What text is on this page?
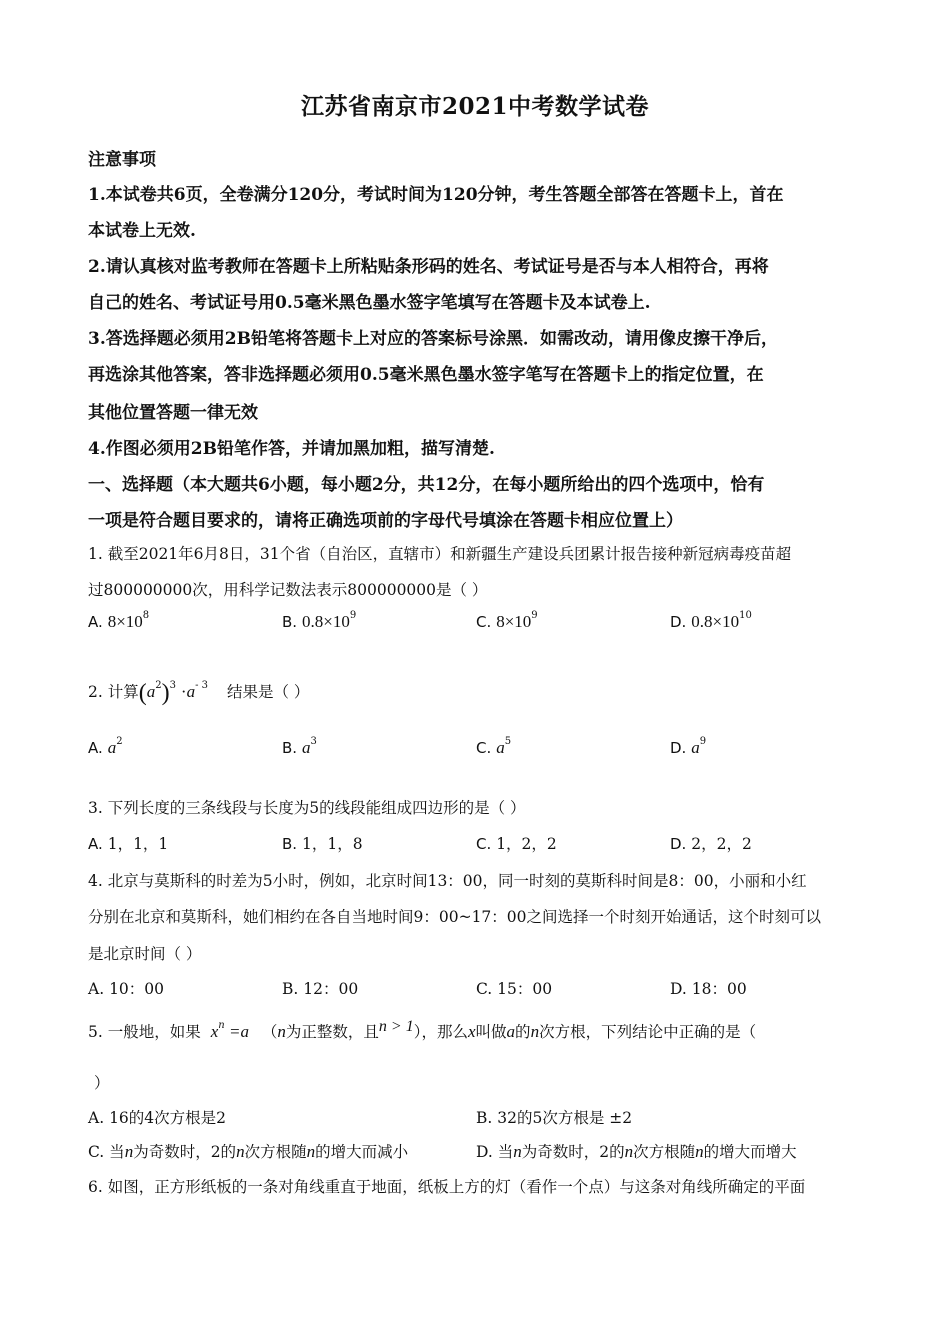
江苏省南京市2021中考数学试卷
注意事项
1.本试卷共6页，全卷满分120分，考试时间为120分钟，考生答题全部答在答题卡上，首在
本试卷上无效.
2.请认真核对监考教师在答题卡上所粘贴条形码的姓名、考试证号是否与本人相符合，再将
自己的姓名、考试证号用0.5毫米黑色墨水签字笔填写在答题卡及本试卷上.
3.答选择题必须用2B铅笔将答题卡上对应的答案标号涂黑．如需改动，请用像皮擦干净后，
再选涂其他答案，答非选择题必须用0.5毫米黑色墨水签字笔写在答题卡上的指定位置，在
其他位置答题一律无效
4.作图必须用2B铅笔作答，并请加黑加粗，描写清楚.
一、选择题（本大题共6小题，每小题2分，共12分，在每小题所给出的四个选项中，恰有
一项是符合题目要求的，请将正确选项前的字母代号填涂在答题卡相应位置上）
1. 截至2021年6月8日，31个省（自治区，直辖市）和新疆生产建设兵团累计报告接种新冠病毒疫苗超
过800000000次，用科学记数法表示800000000是（ ）
A. $8\times 10^8$	B. $0.8\times 10^9$	C. $8\times 10^9$	D. $0.8\times 10^{10}$
2. 计算$(a^2)^3 \cdot a^{- 3}$ 结果是（ ）
A. $a^2$	B. $a^3$	C. $a^5$	D. $a^9$
3. 下列长度的三条线段与长度为5的线段能组成四边形的是（ ）
A. 1，1，1	B. 1，1，8	C. 1，2，2	D. 2，2，2
4. 北京与莫斯科的时差为5小时，例如，北京时间13：00，同一时刻的莫斯科时间是8：00，小丽和小红
分别在北京和莫斯科，她们相约在各自当地时间9：00~17：00之间选择一个时刻开始通话，这个时刻可以
是北京时间（ ）
A. 10：00	B. 12：00	C. 15：00	D. 18：00
5. 一般地，如果 $x^n =a$ （n为正整数，且$^{n > 1}$），那么x叫做a的n次方根，下列结论中正确的是（
）
A. 16的4次方根是2	B. 32的5次方根是 ±2
C. 当n为奇数时，2的n次方根随n的增大而减小	D. 当n为奇数时，2的n次方根随n的增大而增大
6. 如图，正方形纸板的一条对角线重直于地面，纸板上方的灯（看作一个点）与这条对角线所确定的平面
